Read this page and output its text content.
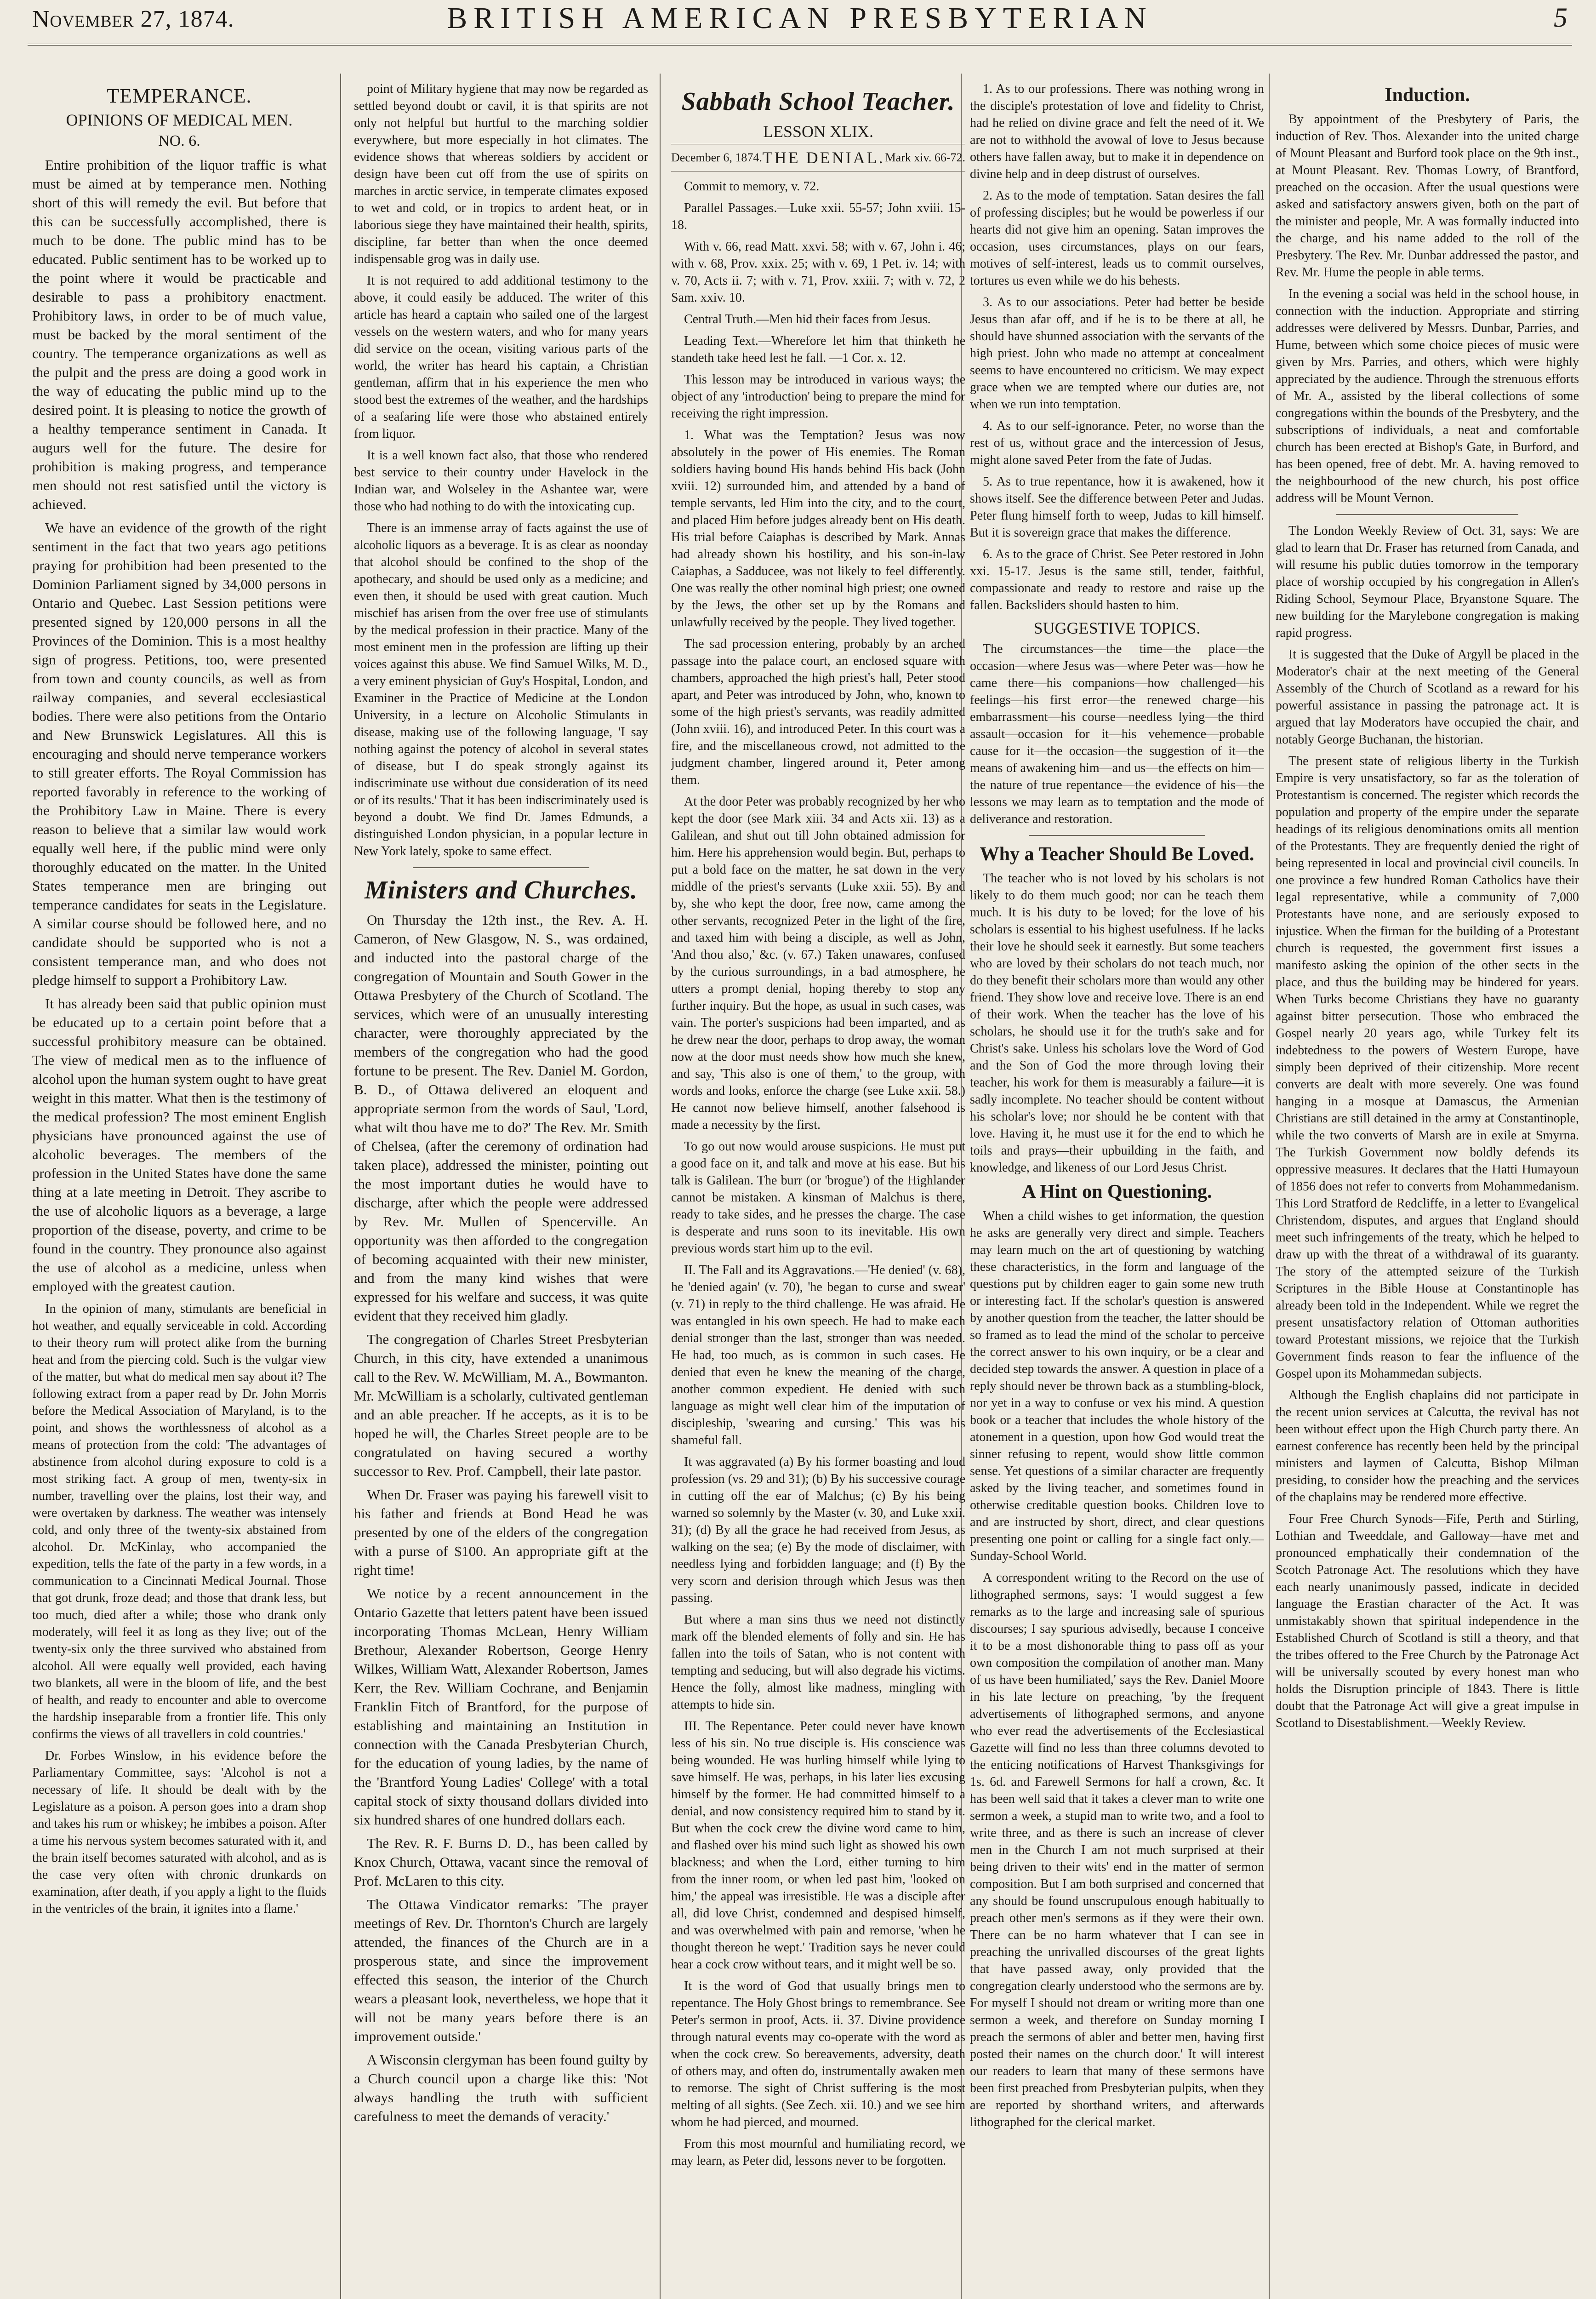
November 27, 1874.	BRITISH AMERICAN PRESBYTERIAN	5
TEMPERANCE.
OPINIONS OF MEDICAL MEN.
NO. 6.

Entire prohibition of the liquor traffic is what must be aimed at by temperance men. Nothing short of this will remedy the evil. But before that this can be successfully accomplished, there is much to be done. The public mind has to be educated. Public sentiment has to be worked up to the point where it would be practicable and desirable to pass a prohibitory enactment. Prohibitory laws, in order to be of much value, must be backed by the moral sentiment of the country. The temperance organizations as well as the pulpit and the press are doing a good work in the way of educating the public mind up to the desired point. It is pleasing to notice the growth of a healthy temperance sentiment in Canada. It augurs well for the future. The desire for prohibition is making progress, and temperance men should not rest satisfied until the victory is achieved.

We have an evidence of the growth of the right sentiment in the fact that two years ago petitions praying for prohibition had been presented to the Dominion Parliament signed by 34,000 persons in Ontario and Quebec. Last Session petitions were presented signed by 120,000 persons in all the Provinces of the Dominion. This is a most healthy sign of progress. Petitions, too, were presented from town and county councils, as well as from railway companies, and several ecclesiastical bodies. There were also petitions from the Ontario and New Brunswick Legislatures. All this is encouraging and should nerve temperance workers to still greater efforts. The Royal Commission has reported favorably in reference to the working of the Prohibitory Law in Maine. There is every reason to believe that a similar law would work equally well here, if the public mind were only thoroughly educated on the matter. In the United States temperance men are bringing out temperance candidates for seats in the Legislature. A similar course should be followed here, and no candidate should be supported who is not a consistent temperance man, and who does not pledge himself to support a Prohibitory Law.

It has already been said that public opinion must be educated up to a certain point before that a successful prohibitory measure can be obtained. The view of medical men as to the influence of alcohol upon the human system ought to have great weight in this matter. What then is the testimony of the medical profession? The most eminent English physicians have pronounced against the use of alcoholic beverages. The members of the profession in the United States have done the same thing at a late meeting in Detroit. They ascribe to the use of alcoholic liquors as a beverage, a large proportion of the disease, poverty, and crime to be found in the country. They pronounce also against the use of alcohol as a medicine, unless when employed with the greatest caution.

In the opinion of many, stimulants are beneficial in hot weather, and equally serviceable in cold. According to their theory rum will protect alike from the burning heat and from the piercing cold. Such is the vulgar view of the matter, but what do medical men say about it? The following extract from a paper read by Dr. John Morris before the Medical Association of Maryland, is to the point, and shows the worthlessness of alcohol as a means of protection from the cold: 'The advantages of abstinence from alcohol during exposure to cold is a most striking fact. A group of men, twenty-six in number, travelling over the plains, lost their way, and were overtaken by darkness. The weather was intensely cold, and only three of the twenty-six abstained from alcohol. Dr. McKinlay, who accompanied the expedition, tells the fate of the party in a few words, in a communication to a Cincinnati Medical Journal. Those that got drunk, froze dead; and those that drank less, but too much, died after a while; those who drank only moderately, will feel it as long as they live; out of the twenty-six only the three survived who abstained from alcohol. All were equally well provided, each having two blankets, all were in the bloom of life, and the best of health, and ready to encounter and able to overcome the hardship inseparable from a frontier life. This only confirms the views of all travellers in cold countries.'

Dr. Forbes Winslow, in his evidence before the Parliamentary Committee, says: 'Alcohol is not a necessary of life. It should be dealt with by the Legislature as a poison. A person goes into a dram shop and takes his rum or whiskey; he imbibes a poison. After a time his nervous system becomes saturated with it, and the brain itself becomes saturated with alcohol, and as is the case very often with chronic drunkards on examination, after death, if you apply a light to the fluids in the ventricles of the brain, it ignites into a flame.'

point of Military hygiene that may now be regarded as settled beyond doubt or cavil, it is that spirits are not only not helpful but hurtful to the marching soldier everywhere, but more especially in hot climates. The evidence shows that whereas soldiers by accident or design have been cut off from the use of spirits on marches in arctic service, in temperate climates exposed to wet and cold, or in tropics to ardent heat, or in laborious siege they have maintained their health, spirits, discipline, far better than when the once deemed indispensable grog was in daily use.

It is not required to add additional testimony to the above, it could easily be adduced. The writer of this article has heard a captain who sailed one of the largest vessels on the western waters, and who for many years did service on the ocean, visiting various parts of the world, the writer has heard his captain, a Christian gentleman, affirm that in his experience the men who stood best the extremes of the weather, and the hardships of a seafaring life were those who abstained entirely from liquor.

It is a well known fact also, that those who rendered best service to their country under Havelock in the Indian war, and Wolseley in the Ashantee war, were those who had nothing to do with the intoxicating cup.

There is an immense array of facts against the use of alcoholic liquors as a beverage. It is as clear as noonday that alcohol should be confined to the shop of the apothecary, and should be used only as a medicine; and even then, it should be used with great caution. Much mischief has arisen from the over free use of stimulants by the medical profession in their practice. Many of the most eminent men in the profession are lifting up their voices against this abuse. We find Samuel Wilks, M. D., a very eminent physician of Guy's Hospital, London, and Examiner in the Practice of Medicine at the London University, in a lecture on Alcoholic Stimulants in disease, making use of the following language, 'I say nothing against the potency of alcohol in several states of disease, but I do speak strongly against its indiscriminate use without due consideration of its need or of its results.' That it has been indiscriminately used is beyond a doubt. We find Dr. James Edmunds, a distinguished London physician, in a popular lecture in New York lately, spoke to same effect.

Ministers and Churches.

On Thursday the 12th inst., the Rev. A. H. Cameron, of New Glasgow, N. S., was ordained, and inducted into the pastoral charge of the congregation of Mountain and South Gower in the Ottawa Presbytery of the Church of Scotland. The services, which were of an unusually interesting character, were thoroughly appreciated by the members of the congregation who had the good fortune to be present. The Rev. Daniel M. Gordon, B. D., of Ottawa delivered an eloquent and appropriate sermon from the words of Saul, 'Lord, what wilt thou have me to do?' The Rev. Mr. Smith of Chelsea, (after the ceremony of ordination had taken place), addressed the minister, pointing out the most important duties he would have to discharge, after which the people were addressed by Rev. Mr. Mullen of Spencerville. An opportunity was then afforded to the congregation of becoming acquainted with their new minister, and from the many kind wishes that were expressed for his welfare and success, it was quite evident that they received him gladly.

The congregation of Charles Street Presbyterian Church, in this city, have extended a unanimous call to the Rev. W. McWilliam, M. A., Bowmanton. Mr. McWilliam is a scholarly, cultivated gentleman and an able preacher. If he accepts, as it is to be hoped he will, the Charles Street people are to be congratulated on having secured a worthy successor to Rev. Prof. Campbell, their late pastor.

When Dr. Fraser was paying his farewell visit to his father and friends at Bond Head he was presented by one of the elders of the congregation with a purse of $100. An appropriate gift at the right time!

We notice by a recent announcement in the Ontario Gazette that letters patent have been issued incorporating Thomas McLean, Henry William Brethour, Alexander Robertson, George Henry Wilkes, William Watt, Alexander Robertson, James Kerr, the Rev. William Cochrane, and Benjamin Franklin Fitch of Brantford, for the purpose of establishing and maintaining an Institution in connection with the Canada Presbyterian Church, for the education of young ladies, by the name of the 'Brantford Young Ladies' College' with a total capital stock of sixty thousand dollars divided into six hundred shares of one hundred dollars each.

The Rev. R. F. Burns D. D., has been called by Knox Church, Ottawa, vacant since the removal of Prof. McLaren to this city.

The Ottawa Vindicator remarks: 'The prayer meetings of Rev. Dr. Thornton's Church are largely attended, the finances of the Church are in a prosperous state, and since the improvement effected this season, the interior of the Church wears a pleasant look, nevertheless, we hope that it will not be many years before there is an improvement outside.'

A Wisconsin clergyman has been found guilty by a Church council upon a charge like this: 'Not always handling the truth with sufficient carefulness to meet the demands of veracity.'

Sabbath School Teacher.
LESSON XLIX.
December 6, 1874. THE DENIAL. Mark xiv. 66-72.

Commit to memory, v. 72.

Parallel Passages.—Luke xxii. 55-57; John xviii. 15-18.

With v. 66, read Matt. xxvi. 58; with v. 67, John i. 46; with v. 68, Prov. xxix. 25; with v. 69, 1 Pet. iv. 14; with v. 70, Acts ii. 7; with v. 71, Prov. xxiii. 7; with v. 72, 2 Sam. xxiv. 10.

Central Truth.—Men hid their faces from Jesus.

Leading Text.—Wherefore let him that thinketh he standeth take heed lest he fall. —1 Cor. x. 12.

This lesson may be introduced in various ways; the object of any 'introduction' being to prepare the mind for receiving the right impression.

1. What was the Temptation? Jesus was now absolutely in the power of His enemies. The Roman soldiers having bound His hands behind His back (John xviii. 12) surrounded him, and attended by a band of temple servants, led Him into the city, and to the court, and placed Him before judges already bent on His death. His trial before Caiaphas is described by Mark. Annas had already shown his hostility, and his son-in-law Caiaphas, a Sadducee, was not likely to feel differently. One was really the other nominal high priest; one owned by the Jews, the other set up by the Romans and unlawfully received by the people. They lived together.

The sad procession entering, probably by an arched passage into the palace court, an enclosed square with chambers, approached the high priest's hall, Peter stood apart, and Peter was introduced by John, who, known to some of the high priest's servants, was readily admitted (John xviii. 16), and introduced Peter. In this court was a fire, and the miscellaneous crowd, not admitted to the judgment chamber, lingered around it, Peter among them.

At the door Peter was probably recognized by her who kept the door (see Mark xiii. 34 and Acts xii. 13) as a Galilean, and shut out till John obtained admission for him. Here his apprehension would begin. But, perhaps to put a bold face on the matter, he sat down in the very middle of the priest's servants (Luke xxii. 55). By and by, she who kept the door, free now, came among the other servants, recognized Peter in the light of the fire, and taxed him with being a disciple, as well as John, 'And thou also,' &c. (v. 67.) Taken unawares, confused by the curious surroundings, in a bad atmosphere, he utters a prompt denial, hoping thereby to stop any further inquiry. But the hope, as usual in such cases, was vain. The porter's suspicions had been imparted, and as he drew near the door, perhaps to drop away, the woman now at the door must needs show how much she knew, and say, 'This also is one of them,' to the group, with words and looks, enforce the charge (see Luke xxii. 58.) He cannot now believe himself, another falsehood is made a necessity by the first.

To go out now would arouse suspicions. He must put a good face on it, and talk and move at his ease. But his talk is Galilean. The burr (or 'brogue') of the Highlander cannot be mistaken. A kinsman of Malchus is there, ready to take sides, and he presses the charge. The case is desperate and runs soon to its inevitable. His own previous words start him up to the evil.

II. The Fall and its Aggravations.—'He denied' (v. 68), he 'denied again' (v. 70), 'he began to curse and swear' (v. 71) in reply to the third challenge. He was afraid. He was entangled in his own speech. He had to make each denial stronger than the last, stronger than was needed. He had, too much, as is common in such cases. He denied that even he knew the meaning of the charge, another common expedient. He denied with such language as might well clear him of the imputation of discipleship, 'swearing and cursing.' This was his shameful fall.

It was aggravated (a) By his former boasting and loud profession (vs. 29 and 31); (b) By his successive courage in cutting off the ear of Malchus; (c) By his being warned so solemnly by the Master (v. 30, and Luke xxii. 31); (d) By all the grace he had received from Jesus, as walking on the sea; (e) By the mode of disclaimer, with needless lying and forbidden language; and (f) By the very scorn and derision through which Jesus was then passing.

But where a man sins thus we need not distinctly mark off the blended elements of folly and sin. He has fallen into the toils of Satan, who is not content with tempting and seducing, but will also degrade his victims. Hence the folly, almost like madness, mingling with attempts to hide sin.

III. The Repentance. Peter could never have known less of his sin. No true disciple is. His conscience was being wounded. He was hurling himself while lying to save himself. He was, perhaps, in his later lies excusing himself by the former. He had committed himself to a denial, and now consistency required him to stand by it. But when the cock crew the divine word came to him, and flashed over his mind such light as showed his own blackness; and when the Lord, either turning to him from the inner room, or when led past him, 'looked on him,' the appeal was irresistible. He was a disciple after all, did love Christ, condemned and despised himself, and was overwhelmed with pain and remorse, 'when he thought thereon he wept.' Tradition says he never could hear a cock crow without tears, and it might well be so.

It is the word of God that usually brings men to repentance. The Holy Ghost brings to remembrance. See Peter's sermon in proof, Acts. ii. 37. Divine providence through natural events may co-operate with the word as when the cock crew. So bereavements, adversity, death of others may, and often do, instrumentally awaken men to remorse. The sight of Christ suffering is the most melting of all sights. (See Zech. xii. 10.) and we see him whom he had pierced, and mourned.

From this most mournful and humiliating record, we may learn, as Peter did, lessons never to be forgotten.

1. As to our professions. There was nothing wrong in the disciple's protestation of love and fidelity to Christ, had he relied on divine grace and felt the need of it. We are not to withhold the avowal of love to Jesus because others have fallen away, but to make it in dependence on divine help and in deep distrust of ourselves.

2. As to the mode of temptation. Satan desires the fall of professing disciples; but he would be powerless if our hearts did not give him an opening. Satan improves the occasion, uses circumstances, plays on our fears, motives of self-interest, leads us to commit ourselves, tortures us even while we do his behests.

3. As to our associations. Peter had better be beside Jesus than afar off, and if he is to be there at all, he should have shunned association with the servants of the high priest. John who made no attempt at concealment seems to have encountered no criticism. We may expect grace when we are tempted where our duties are, not when we run into temptation.

4. As to our self-ignorance. Peter, no worse than the rest of us, without grace and the intercession of Jesus, might alone saved Peter from the fate of Judas.

5. As to true repentance, how it is awakened, how it shows itself. See the difference between Peter and Judas. Peter flung himself forth to weep, Judas to kill himself. But it is sovereign grace that makes the difference.

6. As to the grace of Christ. See Peter restored in John xxi. 15-17. Jesus is the same still, tender, faithful, compassionate and ready to restore and raise up the fallen. Backsliders should hasten to him.

SUGGESTIVE TOPICS.

The circumstances—the time—the place—the occasion—where Jesus was—where Peter was—how he came there—his companions—how challenged—his feelings—his first error—the renewed charge—his embarrassment—his course—needless lying—the third assault—occasion for it—his vehemence—probable cause for it—the occasion—the suggestion of it—the means of awakening him—and us—the effects on him—the nature of true repentance—the evidence of his—the lessons we may learn as to temptation and the mode of deliverance and restoration.

Why a Teacher Should Be Loved.

The teacher who is not loved by his scholars is not likely to do them much good; nor can he teach them much. It is his duty to be loved; for the love of his scholars is essential to his highest usefulness. If he lacks their love he should seek it earnestly. But some teachers who are loved by their scholars do not teach much, nor do they benefit their scholars more than would any other friend. They show love and receive love. There is an end of their work. When the teacher has the love of his scholars, he should use it for the truth's sake and for Christ's sake. Unless his scholars love the Word of God and the Son of God the more through loving their teacher, his work for them is measurably a failure—it is sadly incomplete. No teacher should be content without his scholar's love; nor should he be content with that love. Having it, he must use it for the end to which he toils and prays—their upbuilding in the faith, and knowledge, and likeness of our Lord Jesus Christ.

A Hint on Questioning.

When a child wishes to get information, the question he asks are generally very direct and simple. Teachers may learn much on the art of questioning by watching these characteristics, in the form and language of the questions put by children eager to gain some new truth or interesting fact. If the scholar's question is answered by another question from the teacher, the latter should be so framed as to lead the mind of the scholar to perceive the correct answer to his own inquiry, or be a clear and decided step towards the answer. A question in place of a reply should never be thrown back as a stumbling-block, nor yet in a way to confuse or vex his mind. A question book or a teacher that includes the whole history of the atonement in a question, upon how God would treat the sinner refusing to repent, would show little common sense. Yet questions of a similar character are frequently asked by the living teacher, and sometimes found in otherwise creditable question books. Children love to and are instructed by short, direct, and clear questions presenting one point or calling for a single fact only.—Sunday-School World.

A correspondent writing to the Record on the use of lithographed sermons, says: 'I would suggest a few remarks as to the large and increasing sale of spurious discourses; I say spurious advisedly, because I conceive it to be a most dishonorable thing to pass off as your own composition the compilation of another man. Many of us have been humiliated,' says the Rev. Daniel Moore in his late lecture on preaching, 'by the frequent advertisements of lithographed sermons, and anyone who ever read the advertisements of the Ecclesiastical Gazette will find no less than three columns devoted to the enticing notifications of Harvest Thanksgivings for 1s. 6d. and Farewell Sermons for half a crown, &c. It has been well said that it takes a clever man to write one sermon a week, a stupid man to write two, and a fool to write three, and as there is such an increase of clever men in the Church I am not much surprised at their being driven to their wits' end in the matter of sermon composition. But I am both surprised and concerned that any should be found unscrupulous enough habitually to preach other men's sermons as if they were their own. There can be no harm whatever that I can see in preaching the unrivalled discourses of the great lights that have passed away, only provided that the congregation clearly understood who the sermons are by. For myself I should not dream or writing more than one sermon a week, and therefore on Sunday morning I preach the sermons of abler and better men, having first posted their names on the church door.' It will interest our readers to learn that many of these sermons have been first preached from Presbyterian pulpits, when they are reported by shorthand writers, and afterwards lithographed for the clerical market.

Induction.

By appointment of the Presbytery of Paris, the induction of Rev. Thos. Alexander into the united charge of Mount Pleasant and Burford took place on the 9th inst., at Mount Pleasant. Rev. Thomas Lowry, of Brantford, preached on the occasion. After the usual questions were asked and satisfactory answers given, both on the part of the minister and people, Mr. A was formally inducted into the charge, and his name added to the roll of the Presbytery. The Rev. Mr. Dunbar addressed the pastor, and Rev. Mr. Hume the people in able terms.

In the evening a social was held in the school house, in connection with the induction. Appropriate and stirring addresses were delivered by Messrs. Dunbar, Parries, and Hume, between which some choice pieces of music were given by Mrs. Parries, and others, which were highly appreciated by the audience. Through the strenuous efforts of Mr. A., assisted by the liberal collections of some congregations within the bounds of the Presbytery, and the subscriptions of individuals, a neat and comfortable church has been erected at Bishop's Gate, in Burford, and has been opened, free of debt. Mr. A. having removed to the neighbourhood of the new church, his post office address will be Mount Vernon.

The London Weekly Review of Oct. 31, says: We are glad to learn that Dr. Fraser has returned from Canada, and will resume his public duties tomorrow in the temporary place of worship occupied by his congregation in Allen's Riding School, Seymour Place, Bryanstone Square. The new building for the Marylebone congregation is making rapid progress.

It is suggested that the Duke of Argyll be placed in the Moderator's chair at the next meeting of the General Assembly of the Church of Scotland as a reward for his powerful assistance in passing the patronage act. It is argued that lay Moderators have occupied the chair, and notably George Buchanan, the historian.

The present state of religious liberty in the Turkish Empire is very unsatisfactory, so far as the toleration of Protestantism is concerned. The register which records the population and property of the empire under the separate headings of its religious denominations omits all mention of the Protestants. They are frequently denied the right of being represented in local and provincial civil councils. In one province a few hundred Roman Catholics have their legal representative, while a community of 7,000 Protestants have none, and are seriously exposed to injustice. When the firman for the building of a Protestant church is requested, the government first issues a manifesto asking the opinion of the other sects in the place, and thus the building may be hindered for years. When Turks become Christians they have no guaranty against bitter persecution. Those who embraced the Gospel nearly 20 years ago, while Turkey felt its indebtedness to the powers of Western Europe, have simply been deprived of their citizenship. More recent converts are dealt with more severely. One was found hanging in a mosque at Damascus, the Armenian Christians are still detained in the army at Constantinople, while the two converts of Marsh are in exile at Smyrna. The Turkish Government now boldly defends its oppressive measures. It declares that the Hatti Humayoun of 1856 does not refer to converts from Mohammedanism. This Lord Stratford de Redcliffe, in a letter to Evangelical Christendom, disputes, and argues that England should meet such infringements of the treaty, which he helped to draw up with the threat of a withdrawal of its guaranty. The story of the attempted seizure of the Turkish Scriptures in the Bible House at Constantinople has already been told in the Independent. While we regret the present unsatisfactory relation of Ottoman authorities toward Protestant missions, we rejoice that the Turkish Government finds reason to fear the influence of the Gospel upon its Mohammedan subjects.

Although the English chaplains did not participate in the recent union services at Calcutta, the revival has not been without effect upon the High Church party there. An earnest conference has recently been held by the principal ministers and laymen of Calcutta, Bishop Milman presiding, to consider how the preaching and the services of the chaplains may be rendered more effective.

Four Free Church Synods—Fife, Perth and Stirling, Lothian and Tweeddale, and Galloway—have met and pronounced emphatically their condemnation of the Scotch Patronage Act. The resolutions which they have each nearly unanimously passed, indicate in decided language the Erastian character of the Act. It was unmistakably shown that spiritual independence in the Established Church of Scotland is still a theory, and that the tribes offered to the Free Church by the Patronage Act will be universally scouted by every honest man who holds the Disruption principle of 1843. There is little doubt that the Patronage Act will give a great impulse in Scotland to Disestablishment.—Weekly Review.
